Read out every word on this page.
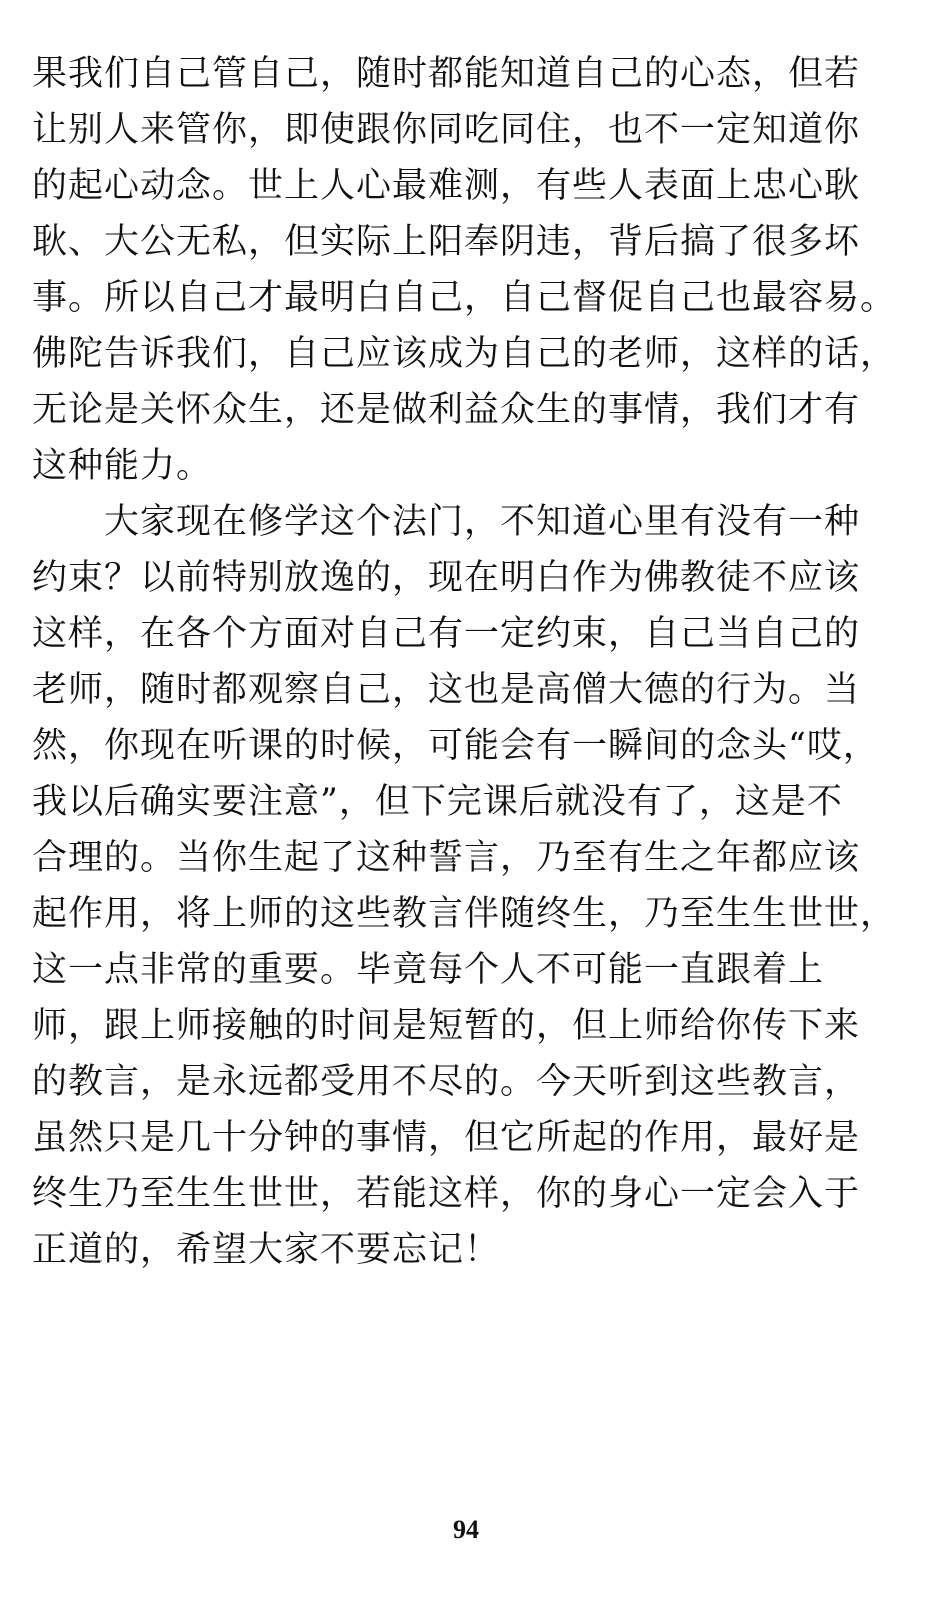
果我们自己管自己，随时都能知道自己的心态，但若
让别人来管你，即使跟你同吃同住，也不一定知道你
的起心动念。世上人心最难测，有些人表面上忠心耿
耿、大公无私，但实际上阳奉阴违，背后搞了很多坏
事。所以自己才最明白自己，自己督促自己也最容易。
佛陀告诉我们，自己应该成为自己的老师，这样的话，
无论是关怀众生，还是做利益众生的事情，我们才有
这种能力。
大家现在修学这个法门，不知道心里有没有一种
约束？以前特别放逸的，现在明白作为佛教徒不应该
这样，在各个方面对自己有一定约束，自己当自己的
老师，随时都观察自己，这也是高僧大德的行为。当
然，你现在听课的时候，可能会有一瞬间的念头“哎，
我以后确实要注意”，但下完课后就没有了，这是不
合理的。当你生起了这种誓言，乃至有生之年都应该
起作用，将上师的这些教言伴随终生，乃至生生世世，
这一点非常的重要。毕竟每个人不可能一直跟着上
师，跟上师接触的时间是短暂的，但上师给你传下来
的教言，是永远都受用不尽的。今天听到这些教言，
虽然只是几十分钟的事情，但它所起的作用，最好是
终生乃至生生世世，若能这样，你的身心一定会入于
正道的，希望大家不要忘记！
94
